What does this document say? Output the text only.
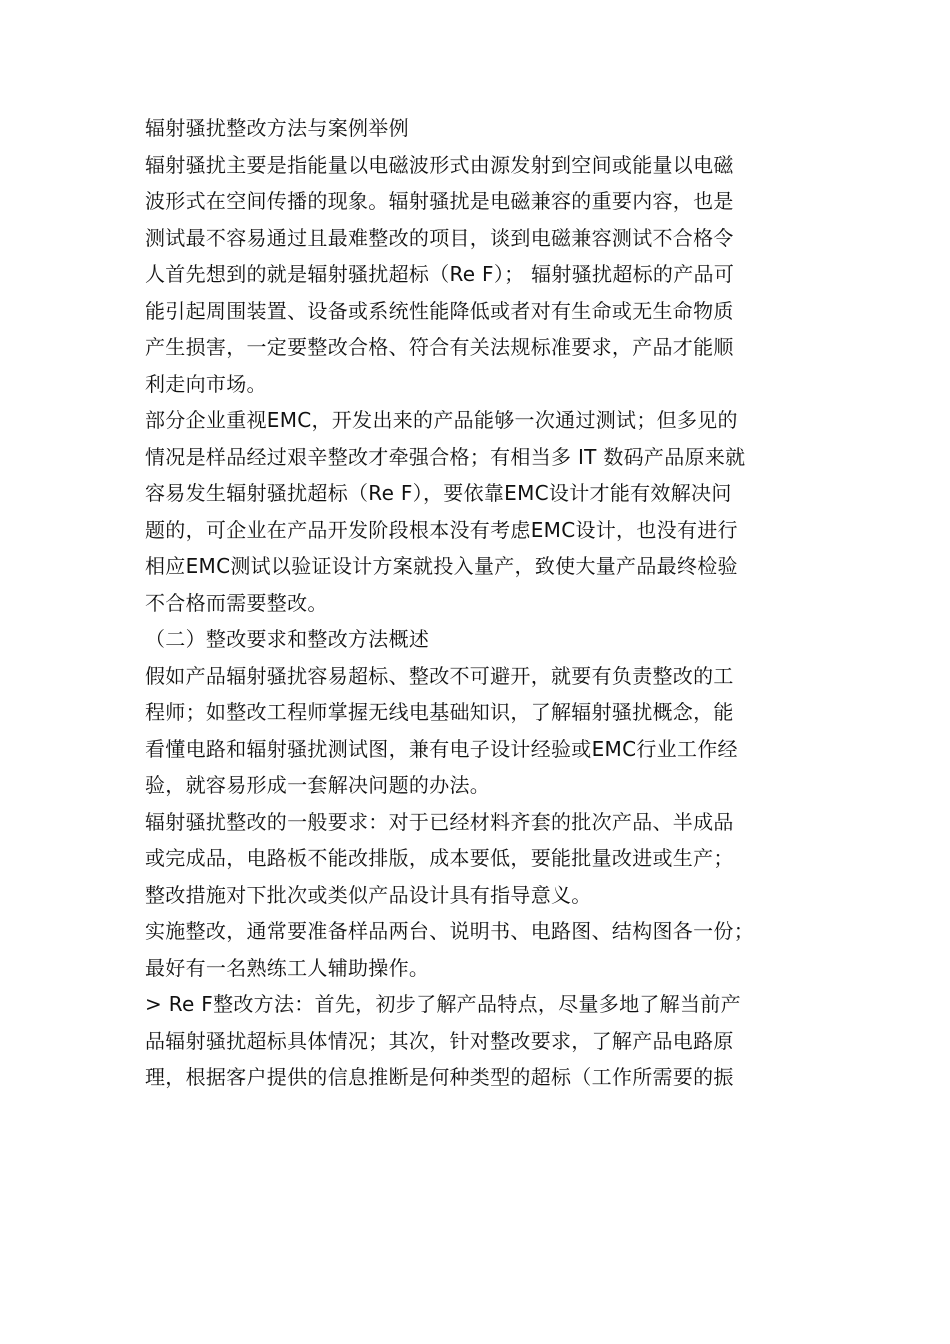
辐射骚扰整改方法与案例举例
辐射骚扰主要是指能量以电磁波形式由源发射到空间或能量以电磁
波形式在空间传播的现象。辐射骚扰是电磁兼容的重要内容，也是
测试最不容易通过且最难整改的项目，谈到电磁兼容测试不合格令
人首先想到的就是辐射骚扰超标（Re F）； 辐射骚扰超标的产品可
能引起周围装置、设备或系统性能降低或者对有生命或无生命物质
产生损害，一定要整改合格、符合有关法规标准要求，产品才能顺
利走向市场。
部分企业重视EMC，开发出来的产品能够一次通过测试；但多见的
情况是样品经过艰辛整改才牵强合格；有相当多 IT 数码产品原来就
容易发生辐射骚扰超标（Re F），要依靠EMC设计才能有效解决问
题的，可企业在产品开发阶段根本没有考虑EMC设计，也没有进行
相应EMC测试以验证设计方案就投入量产，致使大量产品最终检验
不合格而需要整改。
（二）整改要求和整改方法概述
假如产品辐射骚扰容易超标、整改不可避开，就要有负责整改的工
程师；如整改工程师掌握无线电基础知识，了解辐射骚扰概念，能
看懂电路和辐射骚扰测试图，兼有电子设计经验或EMC行业工作经
验，就容易形成一套解决问题的办法。
辐射骚扰整改的一般要求：对于已经材料齐套的批次产品、半成品
或完成品，电路板不能改排版，成本要低，要能批量改进或生产；
整改措施对下批次或类似产品设计具有指导意义。
实施整改，通常要准备样品两台、说明书、电路图、结构图各一份；
最好有一名熟练工人辅助操作。
> Re F整改方法：首先，初步了解产品特点，尽量多地了解当前产
品辐射骚扰超标具体情况；其次，针对整改要求，了解产品电路原
理，根据客户提供的信息推断是何种类型的超标（工作所需要的振
